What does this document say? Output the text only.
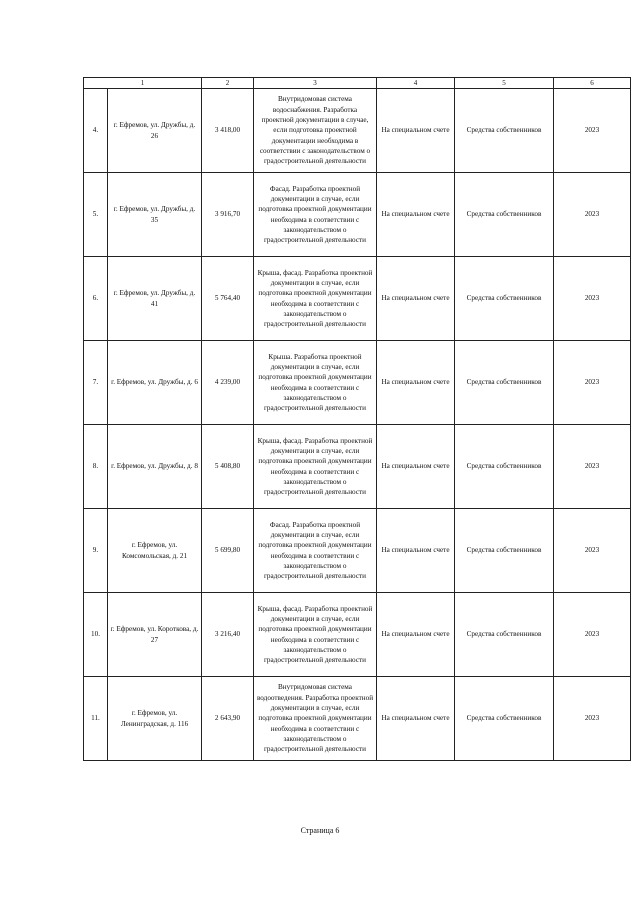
1		2	3	4	5	6
4.	г. Ефремов, ул. Дружбы, д. 26	3 418,00	Внутридомовая система водоснабжения. Разработка проектной документации в случае, если подготовка проектной документации необходима в соответствии с законодательством о градостроительной деятельности	На специальном счете	Средства собственников	2023
5.	г. Ефремов, ул. Дружбы, д. 35	3 916,70	Фасад. Разработка проектной документации в случае, если подготовка проектной документации необходима в соответствии с законодательством о градостроительной деятельности	На специальном счете	Средства собственников	2023
6.	г. Ефремов, ул. Дружбы, д. 41	5 764,40	Крыша, фасад. Разработка проектной документации в случае, если подготовка проектной документации необходима в соответствии с законодательством о градостроительной деятельности	На специальном счете	Средства собственников	2023
7.	г. Ефремов, ул. Дружбы, д. 6	4 239,00	Крыша. Разработка проектной документации в случае, если подготовка проектной документации необходима в соответствии с законодательством о градостроительной деятельности	На специальном счете	Средства собственников	2023
8.	г. Ефремов, ул. Дружбы, д. 8	5 408,80	Крыша, фасад. Разработка проектной документации в случае, если подготовка проектной документации необходима в соответствии с законодательством о градостроительной деятельности	На специальном счете	Средства собственников	2023
9.	г. Ефремов, ул. Комсомольская, д. 21	5 699,80	Фасад. Разработка проектной документации в случае, если подготовка проектной документации необходима в соответствии с законодательством о градостроительной деятельности	На специальном счете	Средства собственников	2023
10.	г. Ефремов, ул. Короткова, д. 27	3 216,40	Крыша, фасад. Разработка проектной документации в случае, если подготовка проектной документации необходима в соответствии с законодательством о градостроительной деятельности	На специальном счете	Средства собственников	2023
11.	г. Ефремов, ул. Ленинградская, д. 116	2 643,90	Внутридомовая система водоотведения. Разработка проектной документации в случае, если подготовка проектной документации необходима в соответствии с законодательством о градостроительной деятельности	На специальном счете	Средства собственников	2023
Страница 6
